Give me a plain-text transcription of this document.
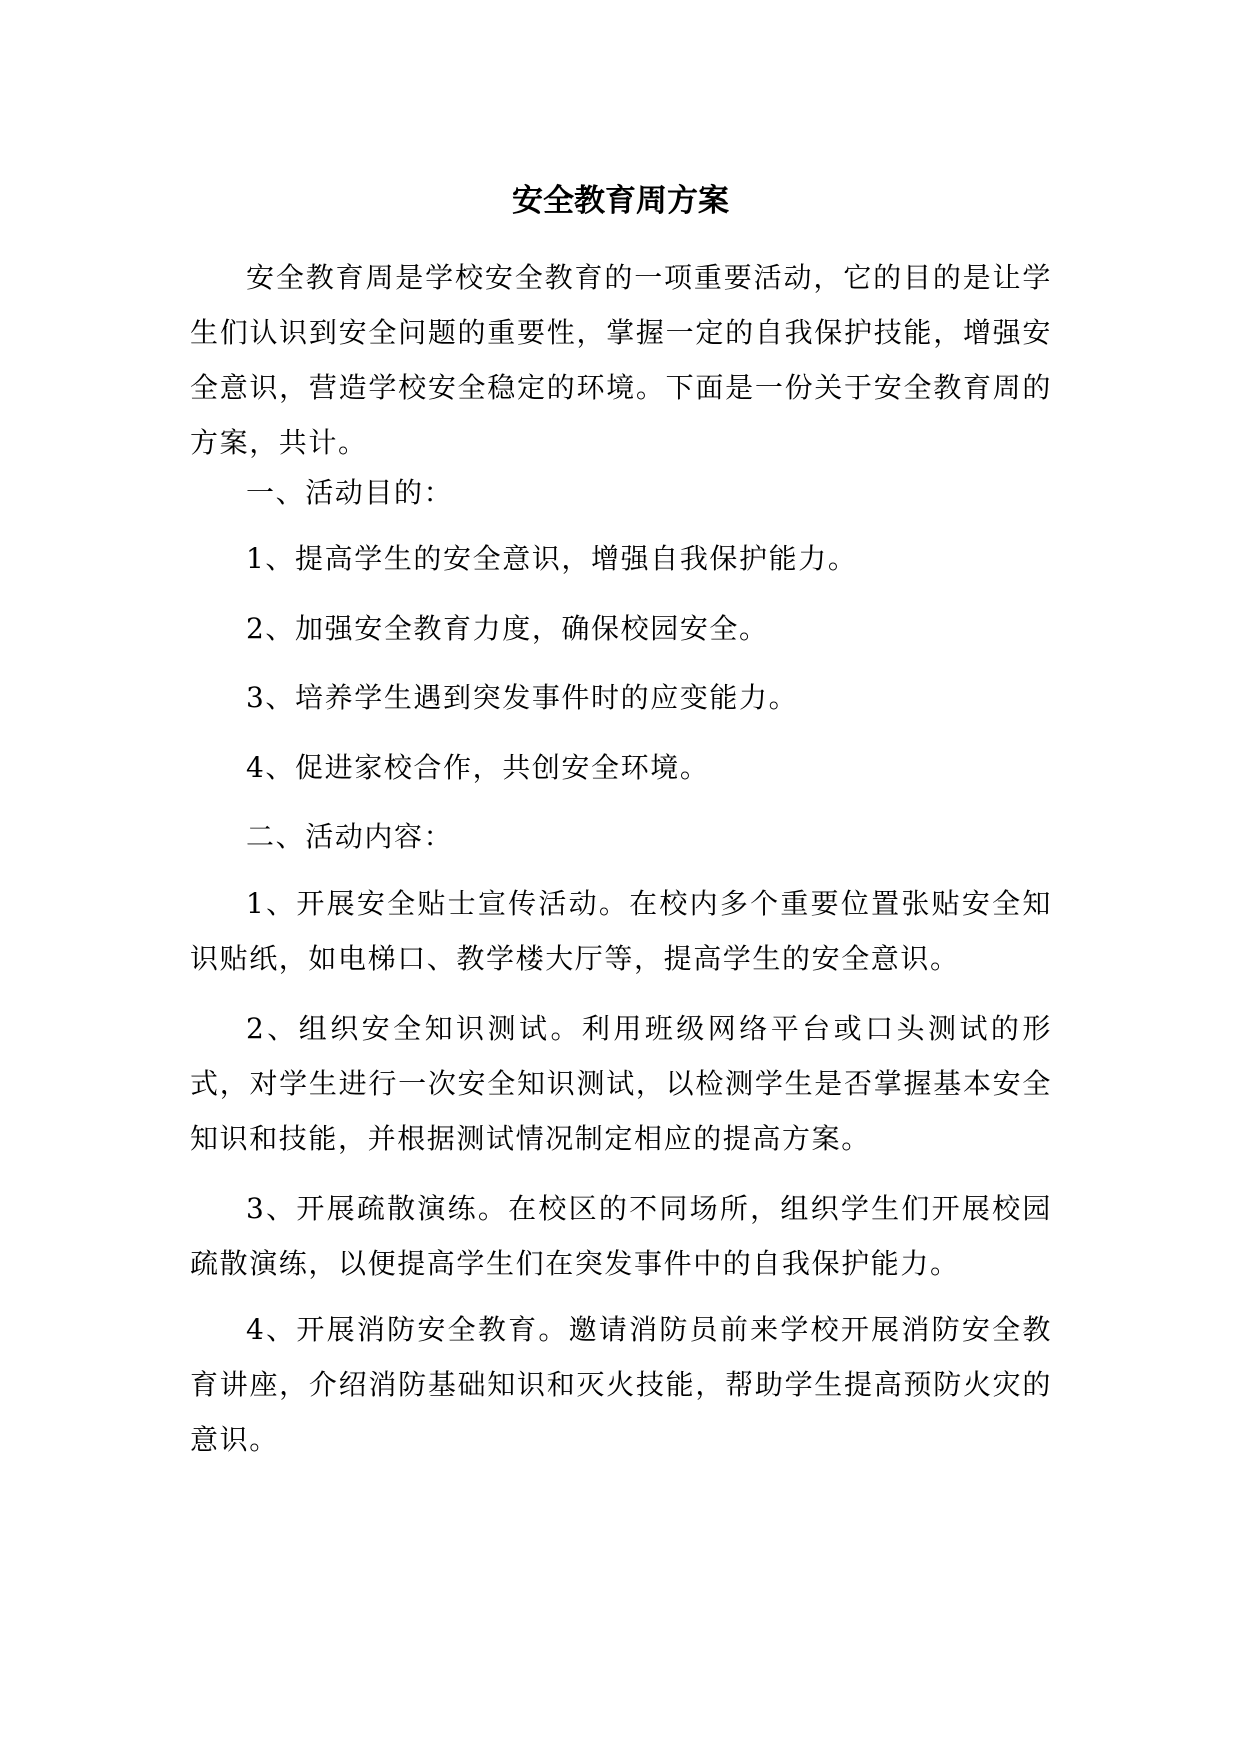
安全教育周方案

安全教育周是学校安全教育的一项重要活动，它的目的是让学生们认识到安全问题的重要性，掌握一定的自我保护技能，增强安全意识，营造学校安全稳定的环境。下面是一份关于安全教育周的方案，共计。

一、活动目的：

1、提高学生的安全意识，增强自我保护能力。

2、加强安全教育力度，确保校园安全。

3、培养学生遇到突发事件时的应变能力。

4、促进家校合作，共创安全环境。

二、活动内容：

1、开展安全贴士宣传活动。在校内多个重要位置张贴安全知识贴纸，如电梯口、教学楼大厅等，提高学生的安全意识。

2、组织安全知识测试。利用班级网络平台或口头测试的形式，对学生进行一次安全知识测试，以检测学生是否掌握基本安全知识和技能，并根据测试情况制定相应的提高方案。

3、开展疏散演练。在校区的不同场所，组织学生们开展校园疏散演练，以便提高学生们在突发事件中的自我保护能力。

4、开展消防安全教育。邀请消防员前来学校开展消防安全教育讲座，介绍消防基础知识和灭火技能，帮助学生提高预防火灾的意识。
